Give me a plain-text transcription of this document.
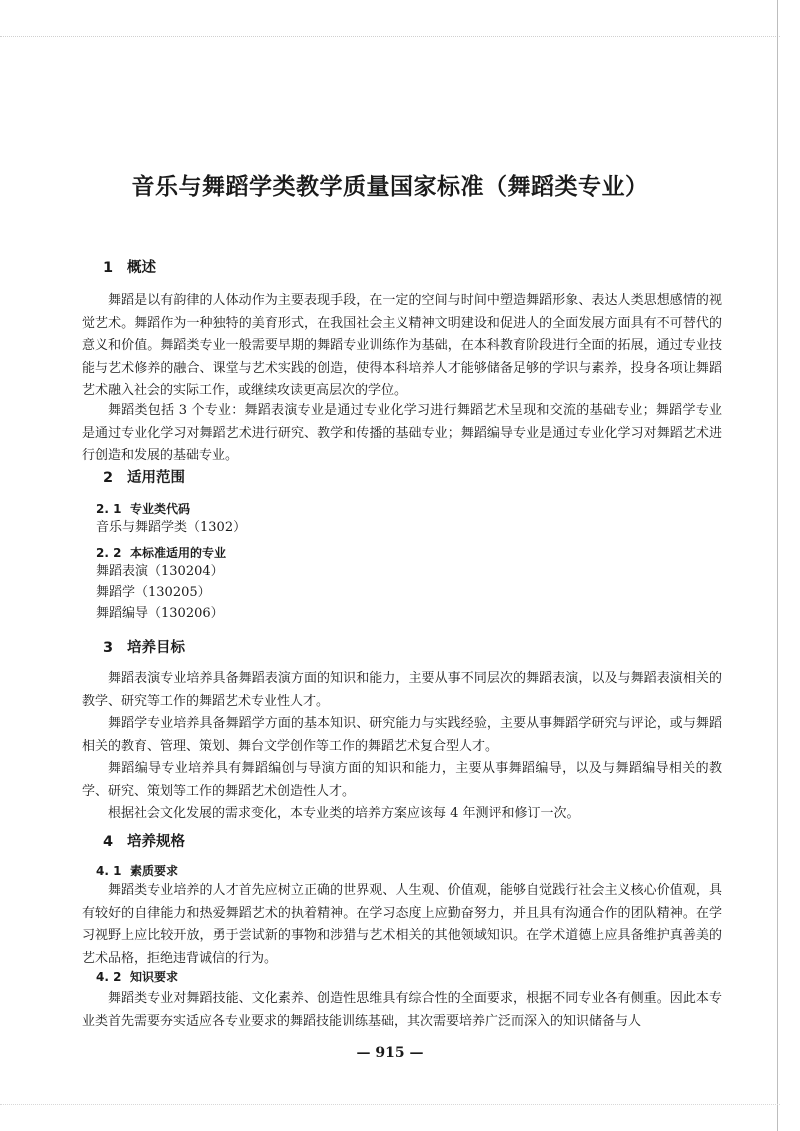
音乐与舞蹈学类教学质量国家标准（舞蹈类专业）
1 概述

舞蹈是以有韵律的人体动作为主要表现手段，在一定的空间与时间中塑造舞蹈形象、表达人类思想感情的视觉艺术。舞蹈作为一种独特的美育形式，在我国社会主义精神文明建设和促进人的全面发展方面具有不可替代的意义和价值。舞蹈类专业一般需要早期的舞蹈专业训练作为基础，在本科教育阶段进行全面的拓展，通过专业技能与艺术修养的融合、课堂与艺术实践的创造，使得本科培养人才能够储备足够的学识与素养，投身各项让舞蹈艺术融入社会的实际工作，或继续攻读更高层次的学位。

舞蹈类包括 3 个专业：舞蹈表演专业是通过专业化学习进行舞蹈艺术呈现和交流的基础专业；舞蹈学专业是通过专业化学习对舞蹈艺术进行研究、教学和传播的基础专业；舞蹈编导专业是通过专业化学习对舞蹈艺术进行创造和发展的基础专业。

2 适用范围
2. 1 专业类代码
音乐与舞蹈学类（1302）
2. 2 本标准适用的专业
舞蹈表演（130204）
舞蹈学（130205）
舞蹈编导（130206）
3 培养目标

舞蹈表演专业培养具备舞蹈表演方面的知识和能力，主要从事不同层次的舞蹈表演，以及与舞蹈表演相关的教学、研究等工作的舞蹈艺术专业性人才。

舞蹈学专业培养具备舞蹈学方面的基本知识、研究能力与实践经验，主要从事舞蹈学研究与评论，或与舞蹈相关的教育、管理、策划、舞台文学创作等工作的舞蹈艺术复合型人才。

舞蹈编导专业培养具有舞蹈编创与导演方面的知识和能力，主要从事舞蹈编导，以及与舞蹈编导相关的教学、研究、策划等工作的舞蹈艺术创造性人才。

根据社会文化发展的需求变化，本专业类的培养方案应该每 4 年测评和修订一次。

4 培养规格
4. 1 素质要求

舞蹈类专业培养的人才首先应树立正确的世界观、人生观、价值观，能够自觉践行社会主义核心价值观，具有较好的自律能力和热爱舞蹈艺术的执着精神。在学习态度上应勤奋努力，并且具有沟通合作的团队精神。在学习视野上应比较开放，勇于尝试新的事物和涉猎与艺术相关的其他领域知识。在学术道德上应具备维护真善美的艺术品格，拒绝违背诚信的行为。

4. 2 知识要求

舞蹈类专业对舞蹈技能、文化素养、创造性思维具有综合性的全面要求，根据不同专业各有侧重。因此本专业类首先需要夯实适应各专业要求的舞蹈技能训练基础，其次需要培养广泛而深入的知识储备与人

— 915 —
